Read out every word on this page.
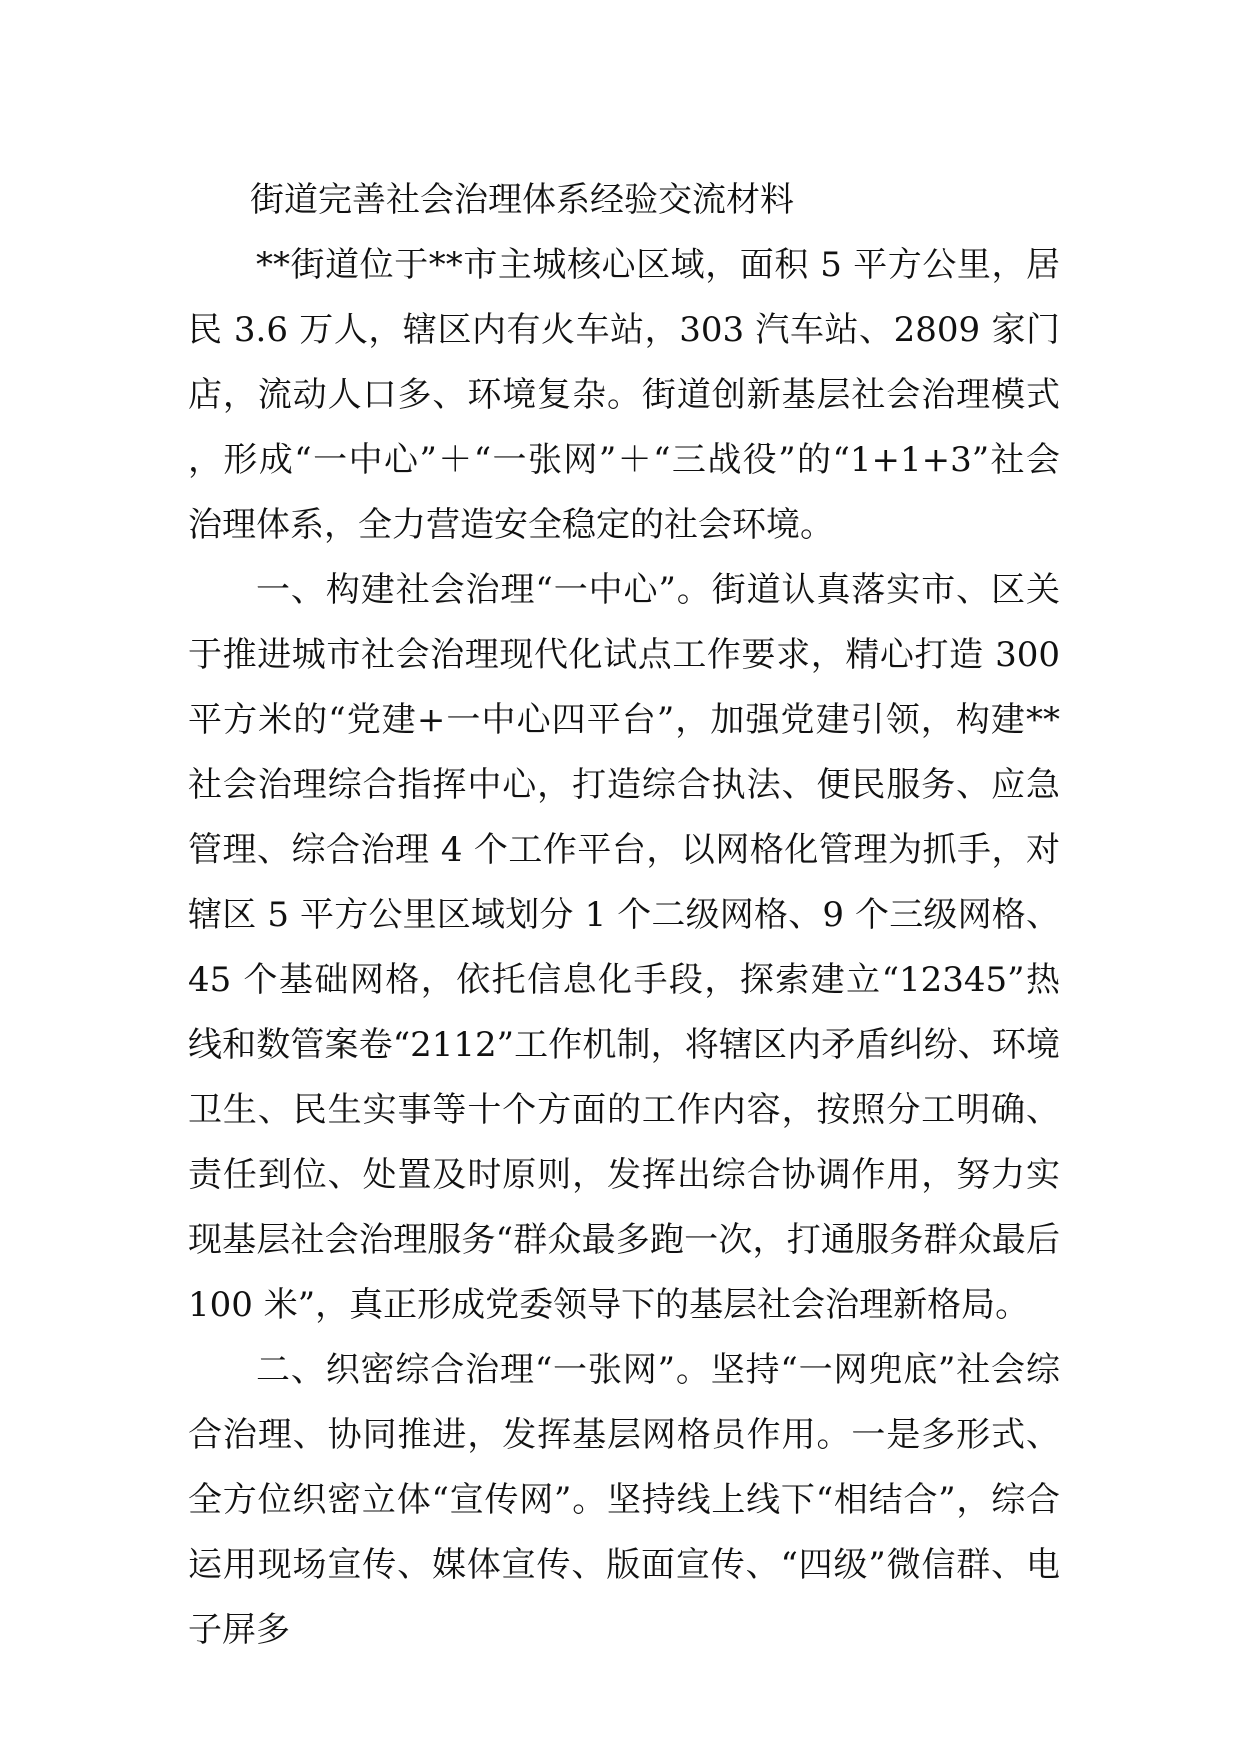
街道完善社会治理体系经验交流材料

**街道位于**市主城核心区域，面积 5 平方公里，居民 3.6 万人，辖区内有火车站，303 汽车站、2809 家门店，流动人口多、环境复杂。街道创新基层社会治理模式，形成“一中心”＋“一张网”＋“三战役”的“1+1+3”社会治理体系，全力营造安全稳定的社会环境。

一、构建社会治理“一中心”。街道认真落实市、区关于推进城市社会治理现代化试点工作要求，精心打造 300 平方米的“党建+一中心四平台”，加强党建引领，构建**社会治理综合指挥中心，打造综合执法、便民服务、应急管理、综合治理 4 个工作平台，以网格化管理为抓手，对辖区 5 平方公里区域划分 1 个二级网格、9 个三级网格、45 个基础网格，依托信息化手段，探索建立“12345”热线和数管案卷“2112”工作机制，将辖区内矛盾纠纷、环境卫生、民生实事等十个方面的工作内容，按照分工明确、责任到位、处置及时原则，发挥出综合协调作用，努力实现基层社会治理服务“群众最多跑一次，打通服务群众最后 100 米”，真正形成党委领导下的基层社会治理新格局。

二、织密综合治理“一张网”。坚持“一网兜底”社会综合治理、协同推进，发挥基层网格员作用。一是多形式、全方位织密立体“宣传网”。坚持线上线下“相结合”，综合运用现场宣传、媒体宣传、版面宣传、“四级”微信群、电子屏多
